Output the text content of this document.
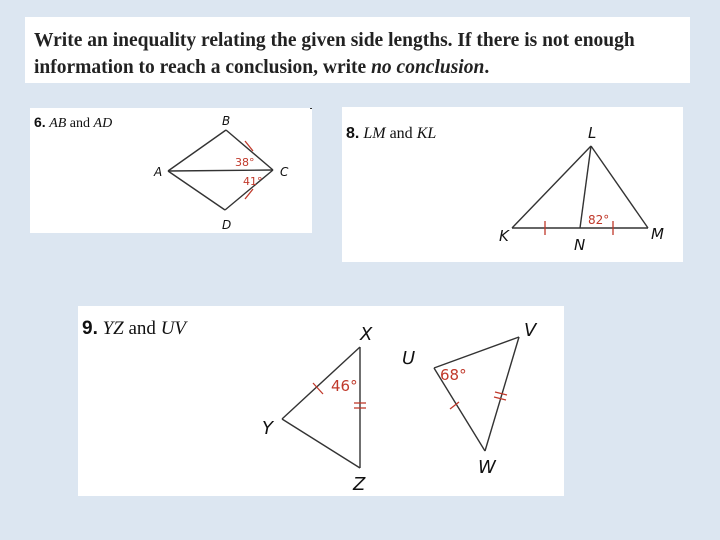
Write an inequality relating the given side lengths. If there is not enough
information to reach a conclusion, write no conclusion.

6. AB and AD	B
A	C
D
38°
41°
8. LM and KL	L
K	N
M
82°
9. YZ and UV	X
Y
Z
U
V
W
46°
68°
